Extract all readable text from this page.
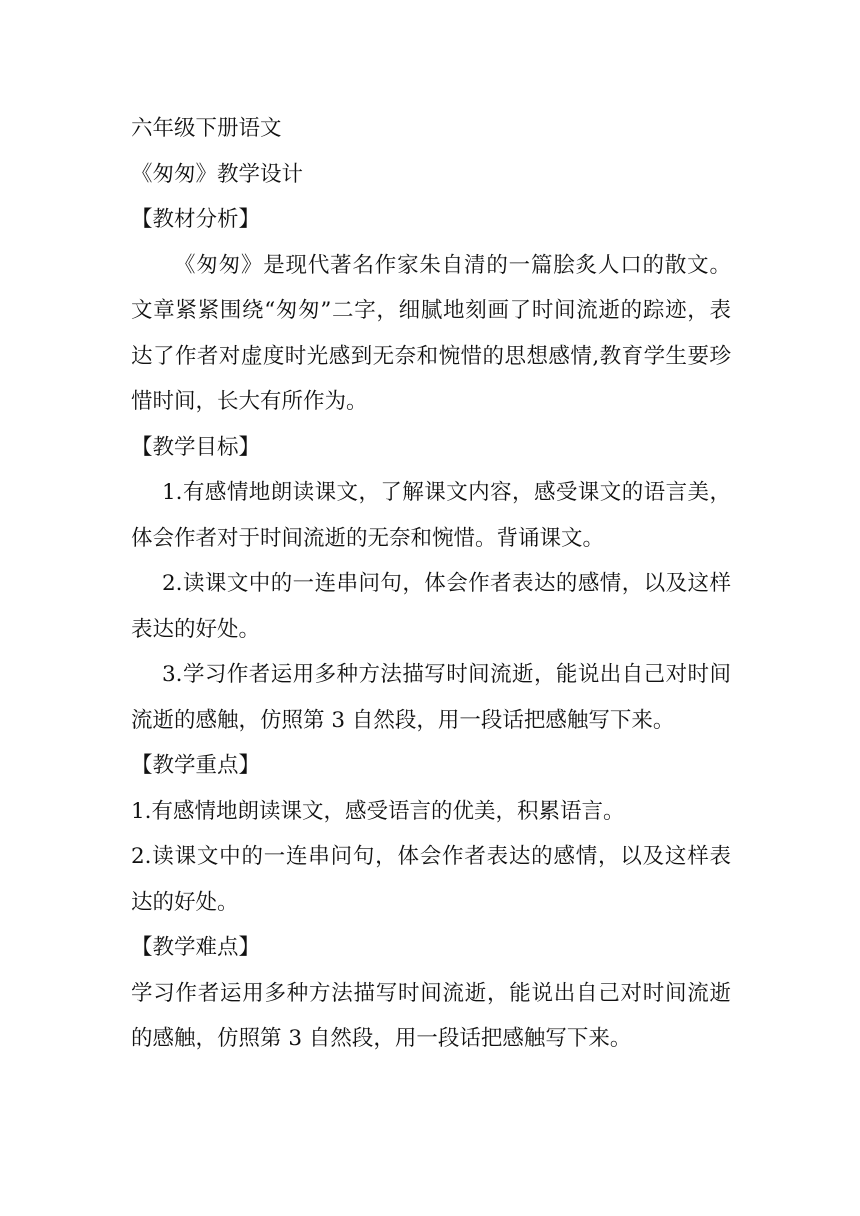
六年级下册语文

《匆匆》教学设计

【教材分析】

《匆匆》是现代著名作家朱自清的一篇脍炙人口的散文。文章紧紧围绕“匆匆”二字，细腻地刻画了时间流逝的踪迹，表达了作者对虚度时光感到无奈和惋惜的思想感情,教育学生要珍惜时间，长大有所作为。

【教学目标】

1.有感情地朗读课文，了解课文内容，感受课文的语言美，体会作者对于时间流逝的无奈和惋惜。背诵课文。

2.读课文中的一连串问句，体会作者表达的感情，以及这样表达的好处。

3.学习作者运用多种方法描写时间流逝，能说出自己对时间流逝的感触，仿照第 3 自然段，用一段话把感触写下来。

【教学重点】

1.有感情地朗读课文，感受语言的优美，积累语言。

2.读课文中的一连串问句，体会作者表达的感情，以及这样表达的好处。

【教学难点】

学习作者运用多种方法描写时间流逝，能说出自己对时间流逝的感触，仿照第 3 自然段，用一段话把感触写下来。
